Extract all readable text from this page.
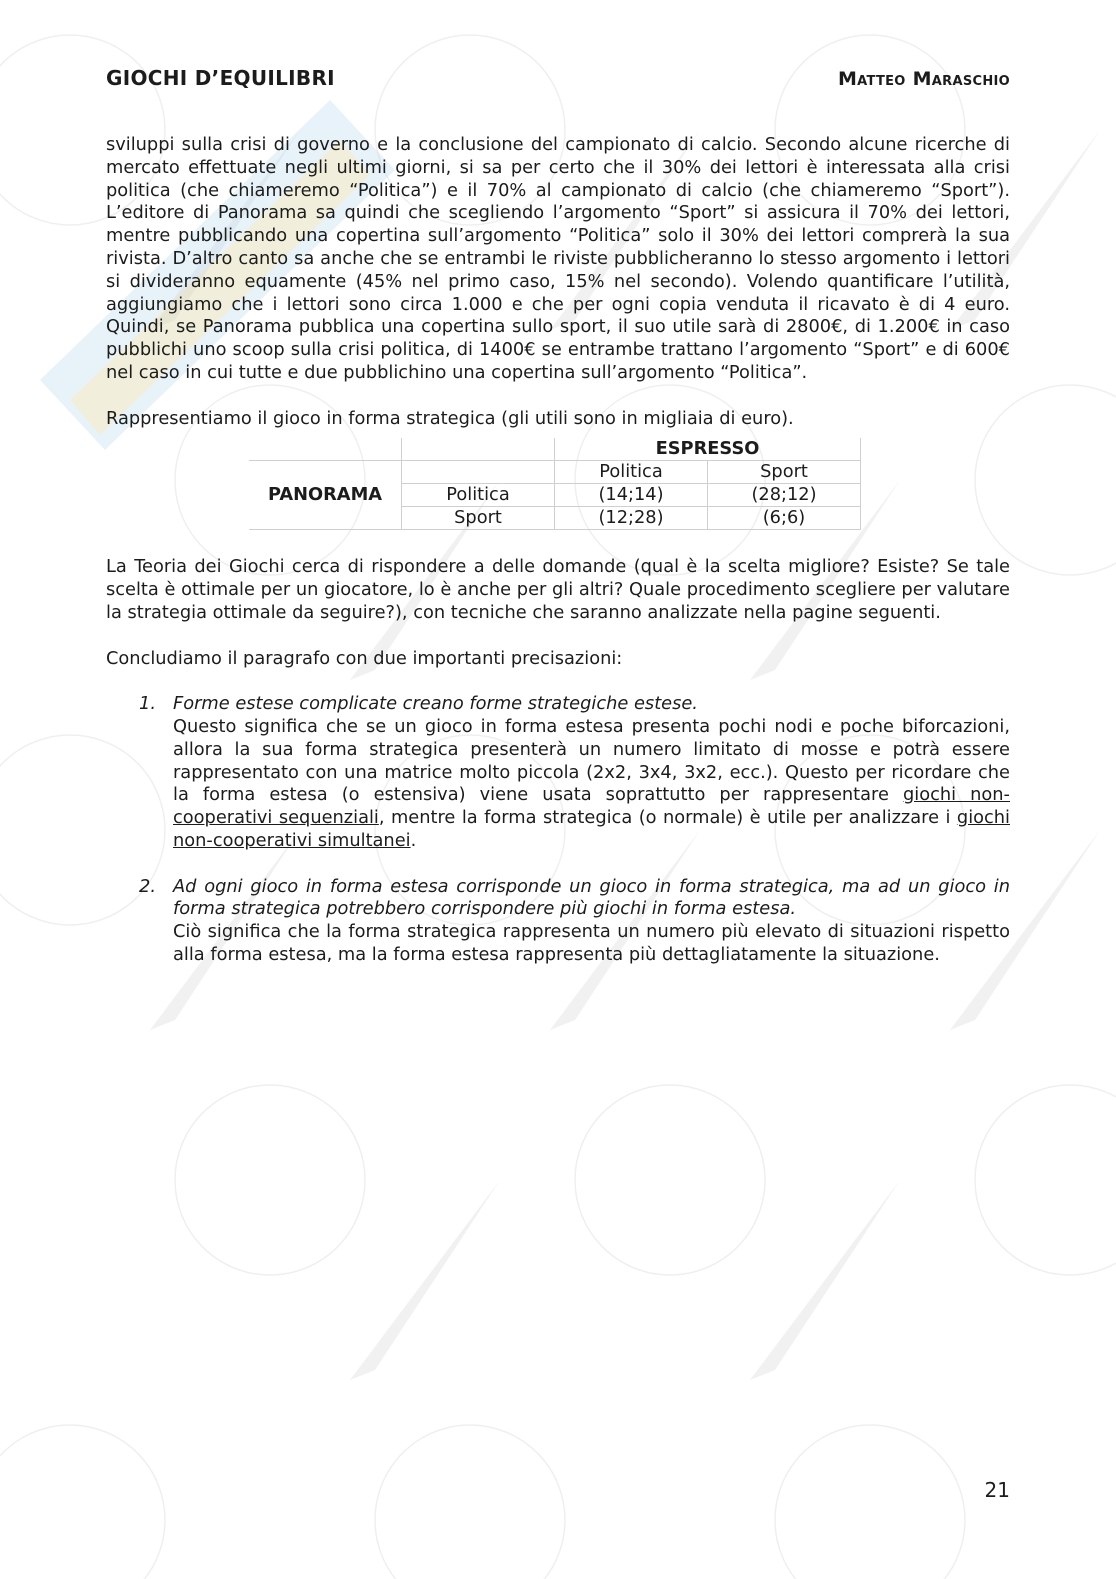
GIOCHI D’EQUILIBRI	Matteo Maraschio

sviluppi sulla crisi di governo e la conclusione del campionato di calcio. Secondo alcune ricerche di mercato effettuate negli ultimi giorni, si sa per certo che il 30% dei lettori è interessata alla crisi politica (che chiameremo “Politica”) e il 70% al campionato di calcio (che chiameremo “Sport”). L’editore di Panorama sa quindi che scegliendo l’argomento “Sport” si assicura il 70% dei lettori, mentre pubblicando una copertina sull’argomento “Politica” solo il 30% dei lettori comprerà la sua rivista. D’altro canto sa anche che se entrambi le riviste pubblicheranno lo stesso argomento i lettori si divideranno equamente (45% nel primo caso, 15% nel secondo). Volendo quantificare l’utilità, aggiungiamo che i lettori sono circa 1.000 e che per ogni copia venduta il ricavato è di 4 euro. Quindi, se Panorama pubblica una copertina sullo sport, il suo utile sarà di 2800€, di 1.200€ in caso pubblichi uno scoop sulla crisi politica, di 1400€ se entrambe trattano l’argomento “Sport” e di 600€ nel caso in cui tutte e due pubblichino una copertina sull’argomento “Politica”.

Rappresentiamo il gioco in forma strategica (gli utili sono in migliaia di euro).

		ESPRESSO	
		Politica	Sport
PANORAMA	Politica	(14;14)	(28;12)
	Sport	(12;28)	(6;6)

La Teoria dei Giochi cerca di rispondere a delle domande (qual è la scelta migliore? Esiste? Se tale scelta è ottimale per un giocatore, lo è anche per gli altri? Quale procedimento scegliere per valutare la strategia ottimale da seguire?), con tecniche che saranno analizzate nella pagine seguenti.

Concludiamo il paragrafo con due importanti precisazioni:

1. Forme estese complicate creano forme strategiche estese.
Questo significa che se un gioco in forma estesa presenta pochi nodi e poche biforcazioni, allora la sua forma strategica presenterà un numero limitato di mosse e potrà essere rappresentato con una matrice molto piccola (2x2, 3x4, 3x2, ecc.). Questo per ricordare che la forma estesa (o estensiva) viene usata soprattutto per rappresentare giochi non-cooperativi sequenziali, mentre la forma strategica (o normale) è utile per analizzare i giochi non-cooperativi simultanei.
2. Ad ogni gioco in forma estesa corrisponde un gioco in forma strategica, ma ad un gioco in forma strategica potrebbero corrispondere più giochi in forma estesa.
Ciò significa che la forma strategica rappresenta un numero più elevato di situazioni rispetto alla forma estesa, ma la forma estesa rappresenta più dettagliatamente la situazione.
21
